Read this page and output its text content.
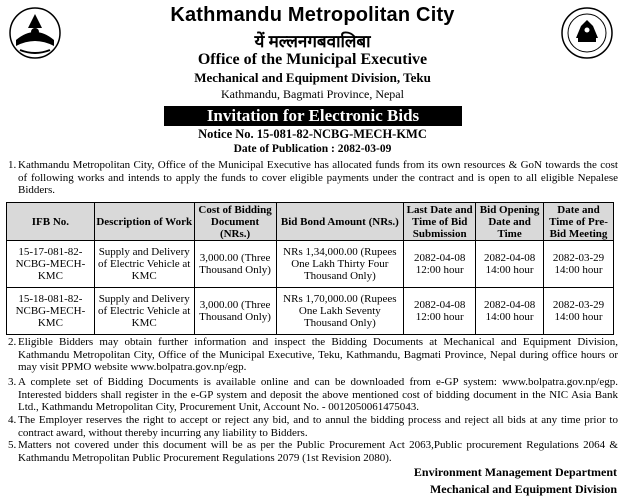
Kathmandu Metropolitan City
यें मल्लनगबवालिबा
Office of the Municipal Executive
Mechanical and Equipment Division, Teku
Kathmandu, Bagmati Province, Nepal
Invitation for Electronic Bids
Notice No. 15-081-82-NCBG-MECH-KMC
Date of Publication : 2082-03-09
1. Kathmandu Metropolitan City, Office of the Municipal Executive has allocated funds from its own resources & GoN towards the cost of following works and intends to apply the funds to cover eligible payments under the contract and is open to all eligible Nepalese Bidders.
IFB No.	Description of Work	Cost of Bidding Document (NRs.)	Bid Bond Amount (NRs.)	Last Date and Time of Bid Submission	Bid Opening Date and Time	Date and Time of Pre-Bid Meeting
15-17-081-82-NCBG-MECH-KMC	Supply and Delivery of Electric Vehicle at KMC	3,000.00 (Three Thousand Only)	NRs 1,34,000.00 (Rupees One Lakh Thirty Four Thousand Only)	2082-04-08 12:00 hour	2082-04-08 14:00 hour	2082-03-29 14:00 hour
15-18-081-82-NCBG-MECH-KMC	Supply and Delivery of Electric Vehicle at KMC	3,000.00 (Three Thousand Only)	NRs 1,70,000.00 (Rupees One Lakh Seventy Thousand Only)	2082-04-08 12:00 hour	2082-04-08 14:00 hour	2082-03-29 14:00 hour
2. Eligible Bidders may obtain further information and inspect the Bidding Documents at Mechanical and Equipment Division, Kathmandu Metropolitan City, Office of the Municipal Executive, Teku, Kathmandu, Bagmati Province, Nepal during office hours or may visit PPMO website www.bolpatra.gov.np/egp.
3. A complete set of Bidding Documents is available online and can be downloaded from e-GP system: www.bolpatra.gov.np/egp. Interested bidders shall register in the e-GP system and deposit the above mentioned cost of bidding document in the NIC Asia Bank Ltd., Kathmandu Metropolitan City, Procurement Unit, Account No. - 0012050061475043.
4. The Employer reserves the right to accept or reject any bid, and to annul the bidding process and reject all bids at any time prior to contract award, without thereby incurring any liability to Bidders.
5. Matters not covered under this document will be as per the Public Procurement Act 2063,Public procurement Regulations 2064 & Kathmandu Metropolitan Public Procurement Regulations 2079 (1st Revision 2080).
Environment Management Department
Mechanical and Equipment Division
